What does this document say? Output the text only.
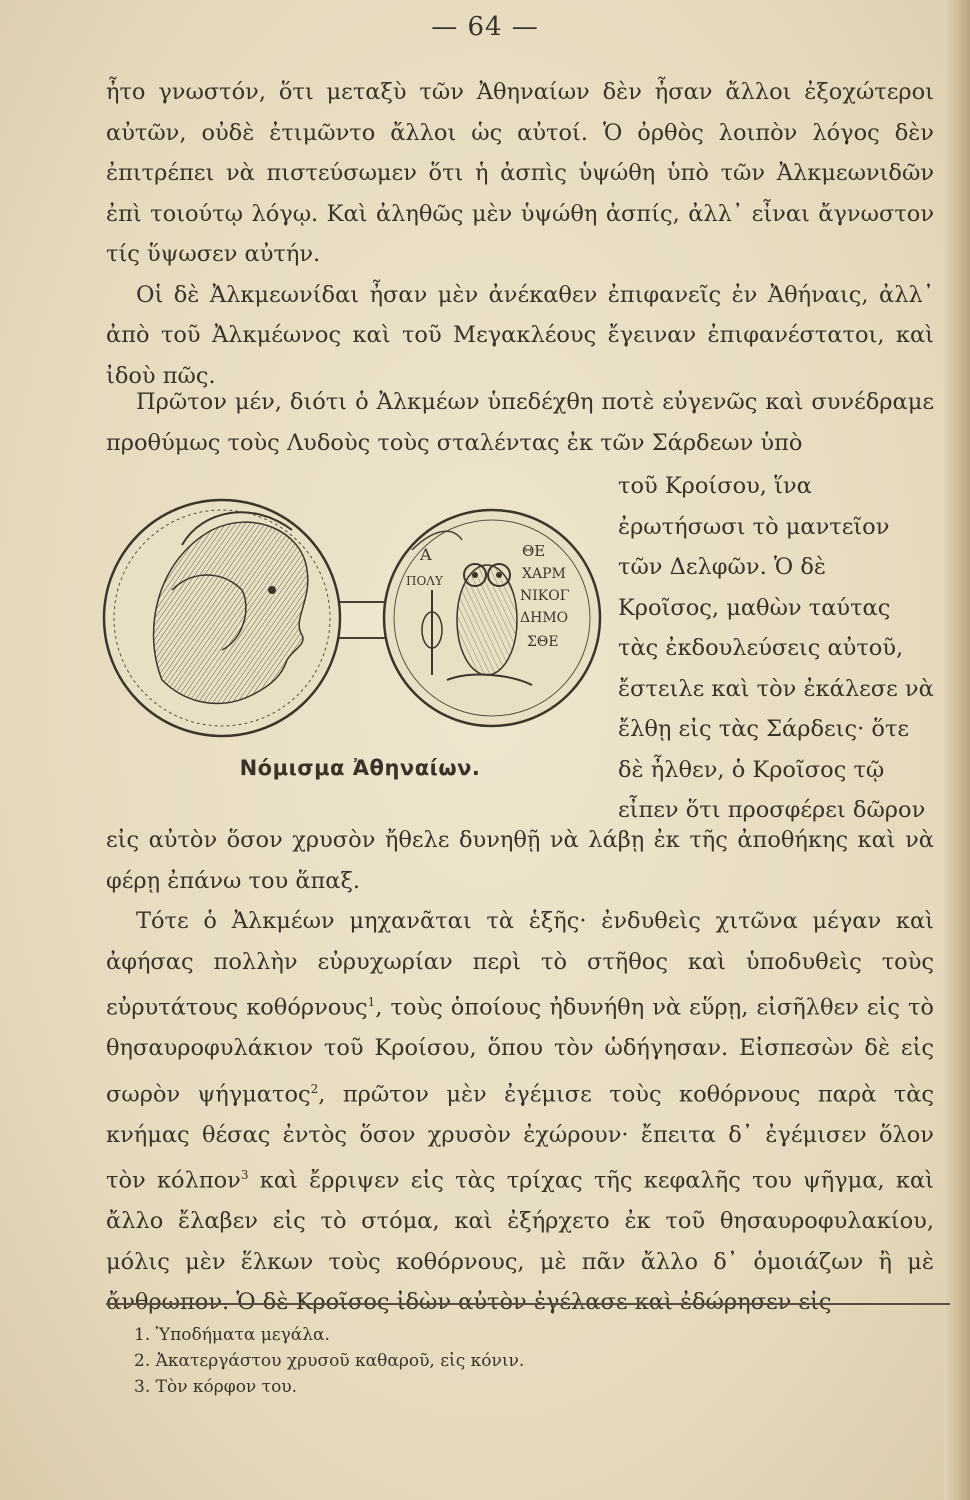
— 64 —

ἦτο γνωστόν, ὅτι μεταξὺ τῶν Ἀθηναίων δὲν ἦσαν ἄλλοι ἐξοχώτεροι αὐτῶν, οὐδὲ ἐτιμῶντο ἄλλοι ὡς αὐτοί. Ὁ ὀρθὸς λοιπὸν λόγος δὲν ἐπιτρέπει νὰ πιστεύσωμεν ὅτι ἡ ἀσπὶς ὑψώθη ὑπὸ τῶν Ἀλκμεωνιδῶν ἐπὶ τοιούτῳ λόγῳ. Καὶ ἀληθῶς μὲν ὑψώθη ἀσπίς, ἀλλ᾽ εἶναι ἄγνωστον τίς ὕψωσεν αὐτήν.

Οἱ δὲ Ἀλκμεωνίδαι ἦσαν μὲν ἀνέκαθεν ἐπιφανεῖς ἐν Ἀθήναις, ἀλλ᾽ ἀπὸ τοῦ Ἀλκμέωνος καὶ τοῦ Μεγακλέους ἔγειναν ἐπιφανέστατοι, καὶ ἰδοὺ πῶς.

Πρῶτον μέν, διότι ὁ Ἀλκμέων ὑπεδέχθη ποτὲ εὐγενῶς καὶ συνέδραμε προθύμως τοὺς Λυδοὺς τοὺς σταλέντας ἐκ τῶν Σάρδεων ὑπὸ

Α
ΠΟΛΥ
ΘΕ
ΧΑΡΜ
ΝΙΚΟΓ
ΔΗΜΟ
ΣΘΕ
Νόμισμα Ἀθηναίων.
τοῦ Κροίσου, ἵνα ἐρωτήσωσι τὸ μαντεῖον τῶν Δελφῶν. Ὁ δὲ Κροῖσος, μαθὼν ταύτας τὰς ἐκδουλεύσεις αὐτοῦ, ἔστειλε καὶ τὸν ἐκάλεσε νὰ ἔλθῃ εἰς τὰς Σάρδεις· ὅτε δὲ ἦλθεν, ὁ Κροῖσος τῷ εἶπεν ὅτι προσφέρει δῶρον

εἰς αὐτὸν ὅσον χρυσὸν ἤθελε δυνηθῇ νὰ λάβῃ ἐκ τῆς ἀποθήκης καὶ νὰ φέρῃ ἐπάνω του ἅπαξ.

Τότε ὁ Ἀλκμέων μηχανᾶται τὰ ἑξῆς· ἐνδυθεὶς χιτῶνα μέγαν καὶ ἀφήσας πολλὴν εὐρυχωρίαν περὶ τὸ στῆθος καὶ ὑποδυθεὶς τοὺς εὐρυτάτους κοθόρνους$^1$, τοὺς ὁποίους ἠδυνήθη νὰ εὕρῃ, εἰσῆλθεν εἰς τὸ θησαυροφυλάκιον τοῦ Κροίσου, ὅπου τὸν ὡδήγησαν. Εἰσπεσὼν δὲ εἰς σωρὸν ψήγματος$^2$, πρῶτον μὲν ἐγέμισε τοὺς κοθόρνους παρὰ τὰς κνήμας θέσας ἐντὸς ὅσον χρυσὸν ἐχώρουν· ἔπειτα δ᾽ ἐγέμισεν ὅλον τὸν κόλπον$^3$ καὶ ἔρριψεν εἰς τὰς τρίχας τῆς κεφαλῆς του ψῆγμα, καὶ ἄλλο ἔλαβεν εἰς τὸ στόμα, καὶ ἐξήρχετο ἐκ τοῦ θησαυροφυλακίου, μόλις μὲν ἕλκων τοὺς κοθόρνους, μὲ πᾶν ἄλλο δ᾽ ὁμοιάζων ἢ μὲ ἄνθρωπον. Ὁ δὲ Κροῖσος ἰδὼν αὐτὸν ἐγέλασε καὶ ἐδώρησεν εἰς

1. Ὑποδήματα μεγάλα.
2. Ἀκατεργάστου χρυσοῦ καθαροῦ, εἰς κόνιν.
3. Τὸν κόρφον του.
